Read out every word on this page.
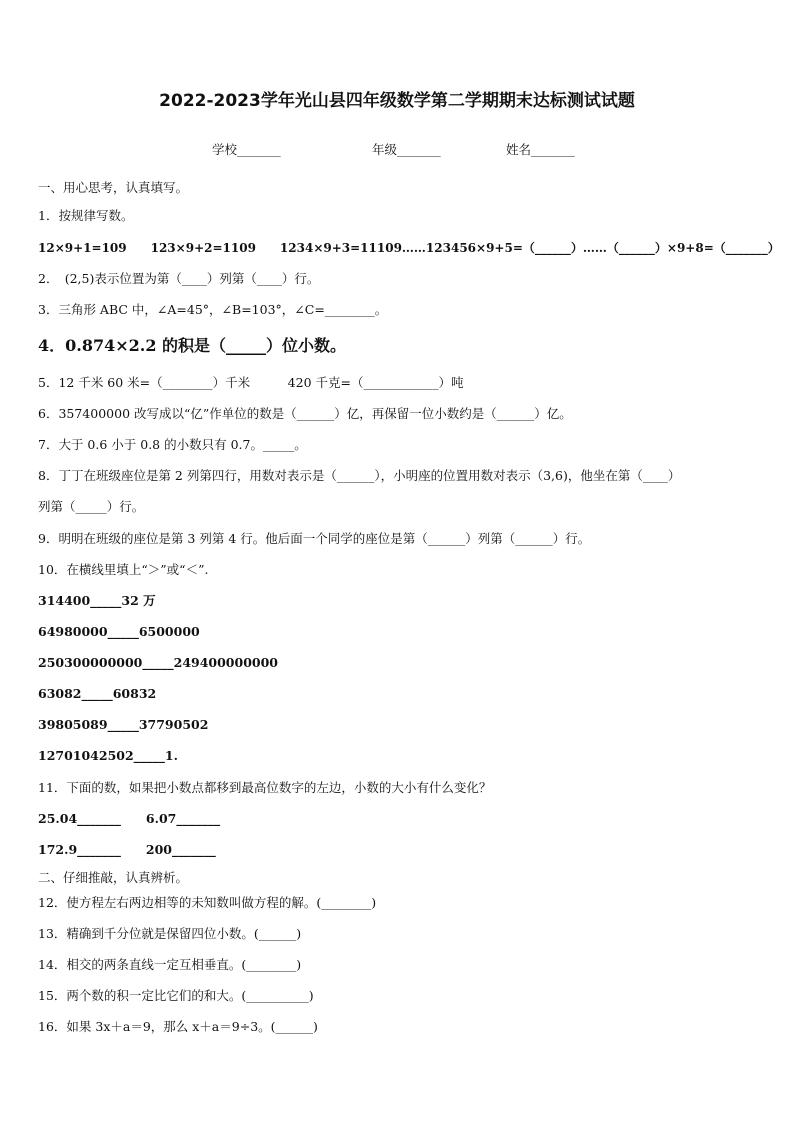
2022-2023学年光山县四年级数学第二学期期末达标测试试题
学校_______	年级_______	姓名_______
一、用心思考，认真填写。
1．按规律写数。
12×9+1=109　　123×9+2=1109　　1234×9+3=11109……123456×9+5=（______）……（______）×9+8=（_______）
2．　(2,5)表示位置为第（____）列第（____）行。
3．三角形 ABC 中，∠A=45°，∠B=103°，∠C=________。
4．0.874×2.2 的积是（_____）位小数。
5．12 千米 60 米=（________）千米　　　420 千克=（____________）吨
6．357400000 改写成以“亿”作单位的数是（______）亿，再保留一位小数约是（______）亿。
7．大于 0.6 小于 0.8 的小数只有 0.7。_____。
8．丁丁在班级座位是第 2 列第四行，用数对表示是（______），小明座的位置用数对表示（3,6)，他坐在第（____）
列第（_____）行。
9．明明在班级的座位是第 3 列第 4 行。他后面一个同学的座位是第（______）列第（______）行。
10．在横线里填上“＞”或“＜”.
314400_____32 万
64980000_____6500000
250300000000_____249400000000
63082_____60832
39805089_____37790502
12701042502_____1.
11．下面的数，如果把小数点都移到最高位数字的左边，小数的大小有什么变化？
25.04_______　　6.07_______
172.9_______　　200_______
二、仔细推敲，认真辨析。
12．使方程左右两边相等的未知数叫做方程的解。(________)
13．精确到千分位就是保留四位小数。(______)
14．相交的两条直线一定互相垂直。(________)
15．两个数的积一定比它们的和大。(__________)
16．如果 3x＋a＝9，那么 x＋a＝9÷3。(______)
